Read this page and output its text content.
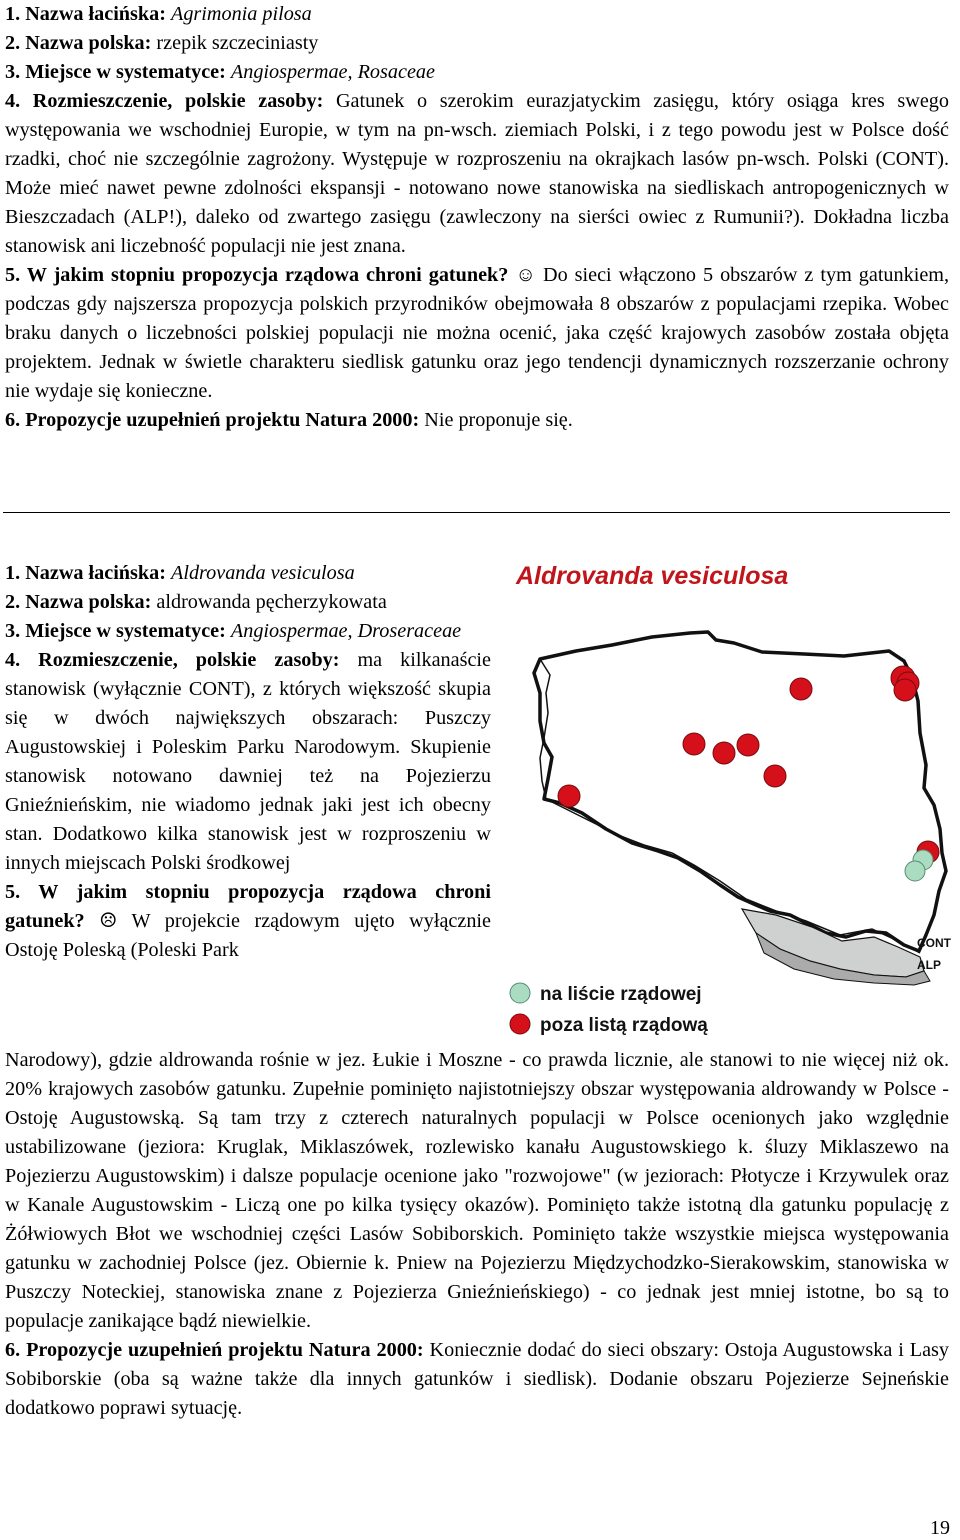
1. Nazwa łacińska: Agrimonia pilosa

2. Nazwa polska: rzepik szczeciniasty

3. Miejsce w systematyce: Angiospermae, Rosaceae

4. Rozmieszczenie, polskie zasoby: Gatunek o szerokim eurazjatyckim zasięgu, który osiąga kres swego występowania we wschodniej Europie, w tym na pn-wsch. ziemiach Polski, i z tego powodu jest w Polsce dość rzadki, choć nie szczególnie zagrożony. Występuje w rozproszeniu na okrajkach lasów pn-wsch. Polski (CONT). Może mieć nawet pewne zdolności ekspansji - notowano nowe stanowiska na siedliskach antropogenicznych w Bieszczadach (ALP!), daleko od zwartego zasięgu (zawleczony na sierści owiec z Rumunii?). Dokładna liczba stanowisk ani liczebność populacji nie jest znana.

5. W jakim stopniu propozycja rządowa chroni gatunek? ☺ Do sieci włączono 5 obszarów z tym gatunkiem, podczas gdy najszersza propozycja polskich przyrodników obejmowała 8 obszarów z populacjami rzepika. Wobec braku danych o liczebności polskiej populacji nie można ocenić, jaka część krajowych zasobów została objęta projektem. Jednak w świetle charakteru siedlisk gatunku oraz jego tendencji dynamicznych rozszerzanie ochrony nie wydaje się konieczne.

6. Propozycje uzupełnień projektu Natura 2000: Nie proponuje się.

1. Nazwa łacińska: Aldrovanda vesiculosa

2. Nazwa polska: aldrowanda pęcherzykowata

3. Miejsce w systematyce: Angiospermae, Droseraceae

4. Rozmieszczenie, polskie zasoby: ma kilkanaście stanowisk (wyłącznie CONT), z których większość skupia się w dwóch największych obszarach: Puszczy Augustowskiej i Poleskim Parku Narodowym. Skupienie stanowisk notowano dawniej też na Pojezierzu Gnieźnieńskim, nie wiadomo jednak jaki jest ich obecny stan. Dodatkowo kilka stanowisk jest w rozproszeniu w innych miejscach Polski środkowej

5. W jakim stopniu propozycja rządowa chroni gatunek? ☹ W projekcie rządowym ujęto wyłącznie Ostoję Poleską (Poleski Park

Aldrovanda vesiculosa
CONT
ALP
na liście rządowej
poza listą rządową

Narodowy), gdzie aldrowanda rośnie w jez. Łukie i Moszne - co prawda licznie, ale stanowi to nie więcej niż ok. 20% krajowych zasobów gatunku. Zupełnie pominięto najistotniejszy obszar występowania aldrowandy w Polsce - Ostoję Augustowską. Są tam trzy z czterech naturalnych populacji w Polsce ocenionych jako względnie ustabilizowane (jeziora: Kruglak, Miklaszówek, rozlewisko kanału Augustowskiego k. śluzy Miklaszewo na Pojezierzu Augustowskim) i dalsze populacje ocenione jako "rozwojowe" (w jeziorach: Płotycze i Krzywulek oraz w Kanale Augustowskim - Liczą one po kilka tysięcy okazów). Pominięto także istotną dla gatunku populację z Żółwiowych Błot we wschodniej części Lasów Sobiborskich. Pominięto także wszystkie miejsca występowania gatunku w zachodniej Polsce (jez. Obiernie k. Pniew na Pojezierzu Międzychodzko-Sierakowskim, stanowiska w Puszczy Noteckiej, stanowiska znane z Pojezierza Gnieźnieńskiego) - co jednak jest mniej istotne, bo są to populacje zanikające bądź niewielkie.

6. Propozycje uzupełnień projektu Natura 2000: Koniecznie dodać do sieci obszary: Ostoja Augustowska i Lasy Sobiborskie (oba są ważne także dla innych gatunków i siedlisk). Dodanie obszaru Pojezierze Sejneńskie dodatkowo poprawi sytuację.

19
